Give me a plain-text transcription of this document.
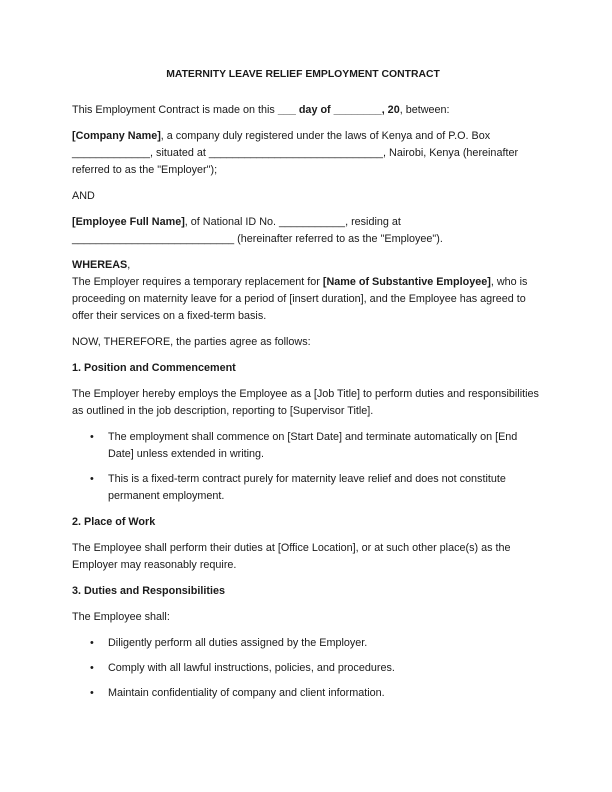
MATERNITY LEAVE RELIEF EMPLOYMENT CONTRACT

This Employment Contract is made on this ___ day of ________, 20, between:

[Company Name], a company duly registered under the laws of Kenya and of P.O. Box _____________, situated at _____________________________, Nairobi, Kenya (hereinafter referred to as the "Employer");

AND

[Employee Full Name], of National ID No. ___________, residing at ___________________________ (hereinafter referred to as the "Employee").

WHEREAS,

The Employer requires a temporary replacement for [Name of Substantive Employee], who is proceeding on maternity leave for a period of [insert duration], and the Employee has agreed to offer their services on a fixed-term basis.

NOW, THEREFORE, the parties agree as follows:

1. Position and Commencement

The Employer hereby employs the Employee as a [Job Title] to perform duties and responsibilities as outlined in the job description, reporting to [Supervisor Title].

• The employment shall commence on [Start Date] and terminate automatically on [End Date] unless extended in writing.
• This is a fixed-term contract purely for maternity leave relief and does not constitute permanent employment.
2. Place of Work

The Employee shall perform their duties at [Office Location], or at such other place(s) as the Employer may reasonably require.

3. Duties and Responsibilities

The Employee shall:

• Diligently perform all duties assigned by the Employer.
• Comply with all lawful instructions, policies, and procedures.
• Maintain confidentiality of company and client information.
